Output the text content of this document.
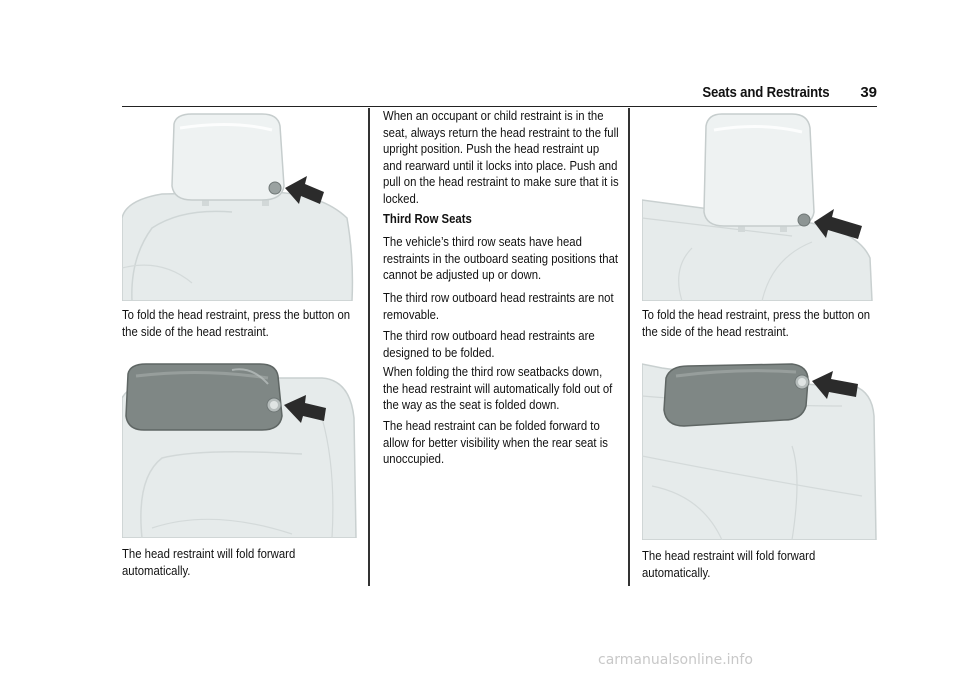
Seats and Restraints 39

To fold the head restraint, press the button on the side of the head restraint.

The head restraint will fold forward automatically.

When an occupant or child restraint is in the seat, always return the head restraint to the full upright position. Push the head restraint up and rearward until it locks into place. Push and pull on the head restraint to make sure that it is locked.

Third Row Seats

The vehicle’s third row seats have head restraints in the outboard seating positions that cannot be adjusted up or down.

The third row outboard head restraints are not removable.

The third row outboard head restraints are designed to be folded.

When folding the third row seatbacks down, the head restraint will automatically fold out of the way as the seat is folded down.

The head restraint can be folded forward to allow for better visibility when the rear seat is unoccupied.

To fold the head restraint, press the button on the side of the head restraint.

The head restraint will fold forward automatically.

carmanualsonline.info
